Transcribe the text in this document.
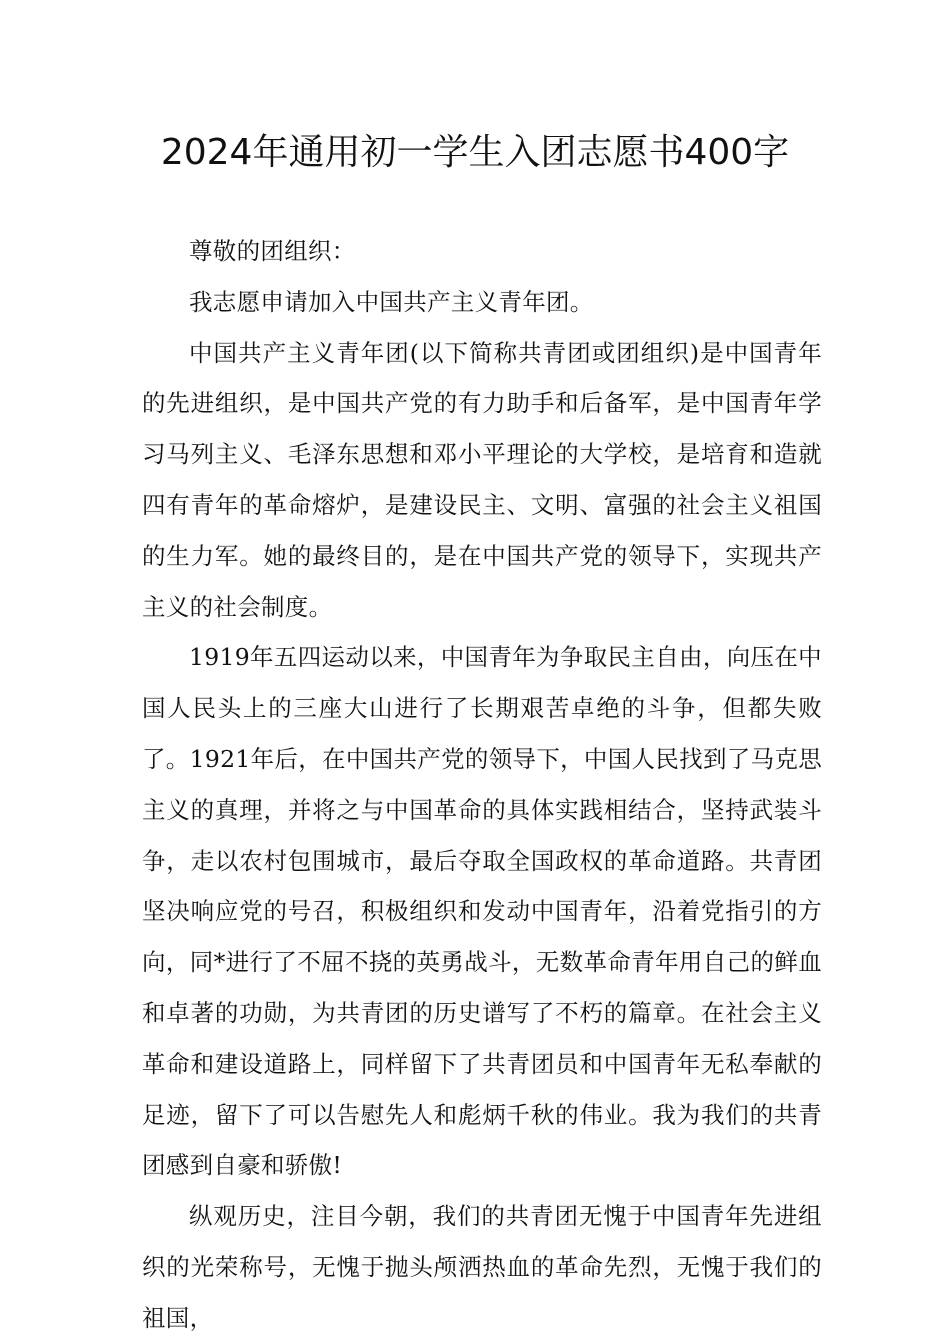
2024年通用初一学生入团志愿书400字

尊敬的团组织：

我志愿申请加入中国共产主义青年团。

中国共产主义青年团(以下简称共青团或团组织)是中国青年的先进组织，是中国共产党的有力助手和后备军，是中国青年学习马列主义、毛泽东思想和邓小平理论的大学校，是培育和造就四有青年的革命熔炉，是建设民主、文明、富强的社会主义祖国的生力军。她的最终目的，是在中国共产党的领导下，实现共产主义的社会制度。

1919年五四运动以来，中国青年为争取民主自由，向压在中国人民头上的三座大山进行了长期艰苦卓绝的斗争，但都失败了。1921年后，在中国共产党的领导下，中国人民找到了马克思主义的真理，并将之与中国革命的具体实践相结合，坚持武装斗争，走以农村包围城市，最后夺取全国政权的革命道路。共青团坚决响应党的号召，积极组织和发动中国青年，沿着党指引的方向，同*进行了不屈不挠的英勇战斗，无数革命青年用自己的鲜血和卓著的功勋，为共青团的历史谱写了不朽的篇章。在社会主义革命和建设道路上，同样留下了共青团员和中国青年无私奉献的足迹，留下了可以告慰先人和彪炳千秋的伟业。我为我们的共青团感到自豪和骄傲!

纵观历史，注目今朝，我们的共青团无愧于中国青年先进组织的光荣称号，无愧于抛头颅洒热血的革命先烈，无愧于我们的祖国，
